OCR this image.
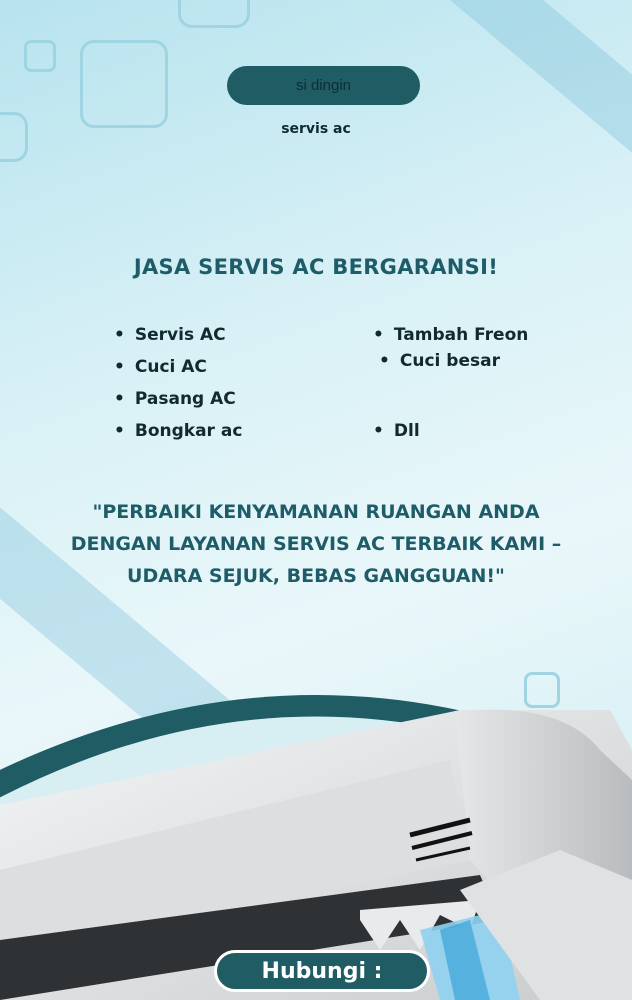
si dingin
servis ac
JASA SERVIS AC BERGARANSI!
• Servis AC
• Cuci AC
• Pasang AC
• Bongkar ac
• Tambah Freon
• Cuci besar
• Dll
"PERBAIKI KENYAMANAN RUANGAN ANDA
DENGAN LAYANAN SERVIS AC TERBAIK KAMI –
UDARA SEJUK, BEBAS GANGGUAN!"
Hubungi :
